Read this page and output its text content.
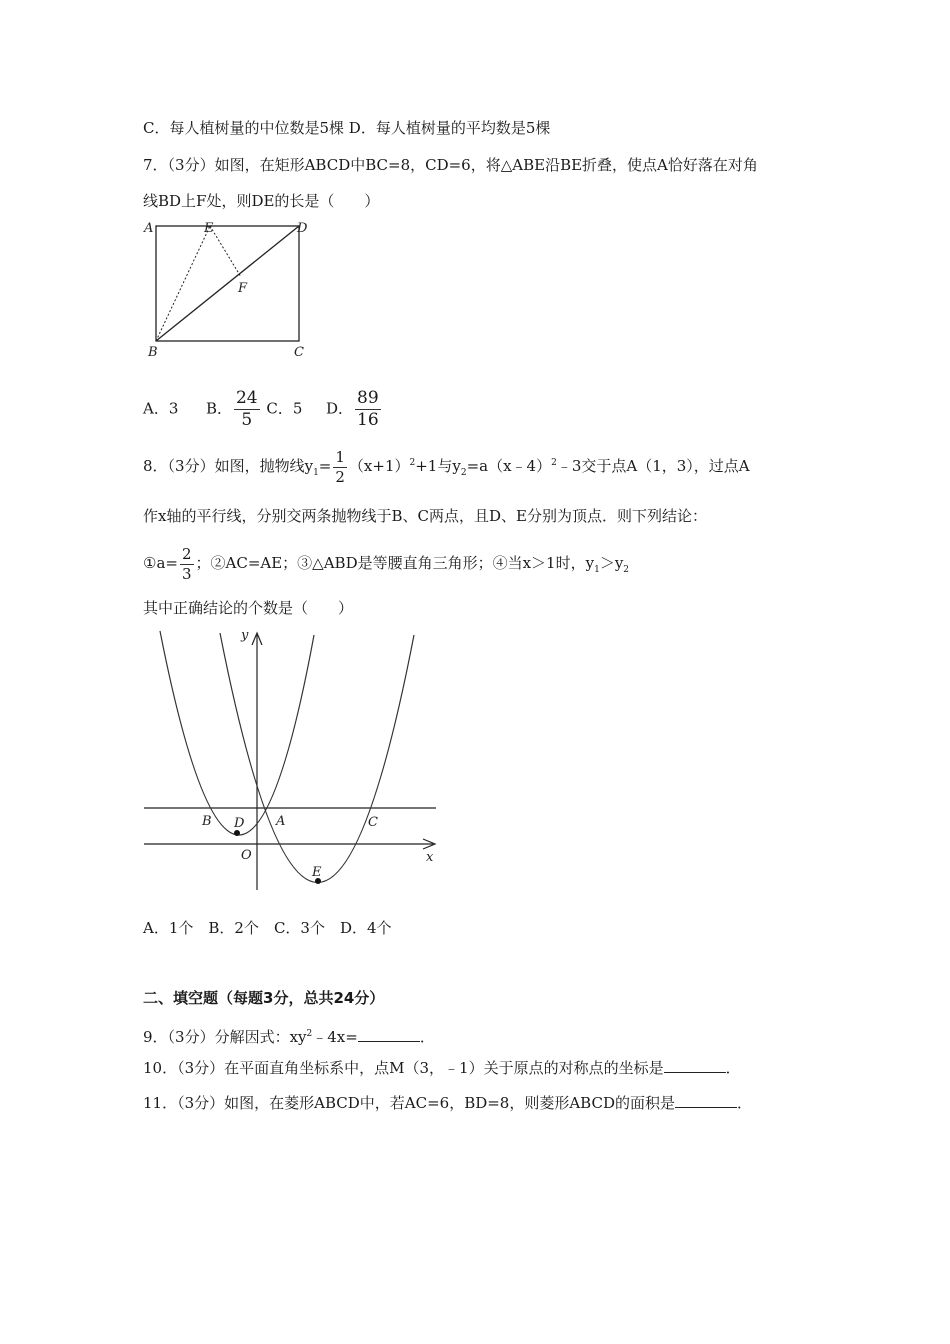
C．每人植树量的中位数是5棵 D．每人植树量的平均数是5棵
7．（3分）如图，在矩形ABCD中BC=8，CD=6，将△ABE沿BE折叠，使点A恰好落在对角
线BD上F处，则DE的长是（　　）
A	E	D
F
B	C
A．3 B． $\frac{24}{5}$ C．5 D． $\frac{89}{16}$
8．（3分）如图，抛物线$y_1= \frac{1}{2} (x+1)^2+1$与$y_2=a(x﹣4)^2﹣3$交于点A（1，3），过点A
作x轴的平行线，分别交两条抛物线于B、C两点，且D、E分别为顶点．则下列结论：
①a= $\frac{2}{3}$ ；②AC=AE；③△ABD是等腰直角三角形；④当x＞1时，$y_1>y_2$
其中正确结论的个数是（　　）
y
x
O
A
B	C
D
E
A．1个　B．2个　C．3个　D．4个
二、填空题（每题3分，总共24分）
9．（3分）分解因式：$xy^2﹣4x=$	．
10．（3分）在平面直角坐标系中，点M（3，﹣1）关于原点的对称点的坐标是	．
11．（3分）如图，在菱形ABCD中，若AC=6，BD=8，则菱形ABCD的面积是	．
